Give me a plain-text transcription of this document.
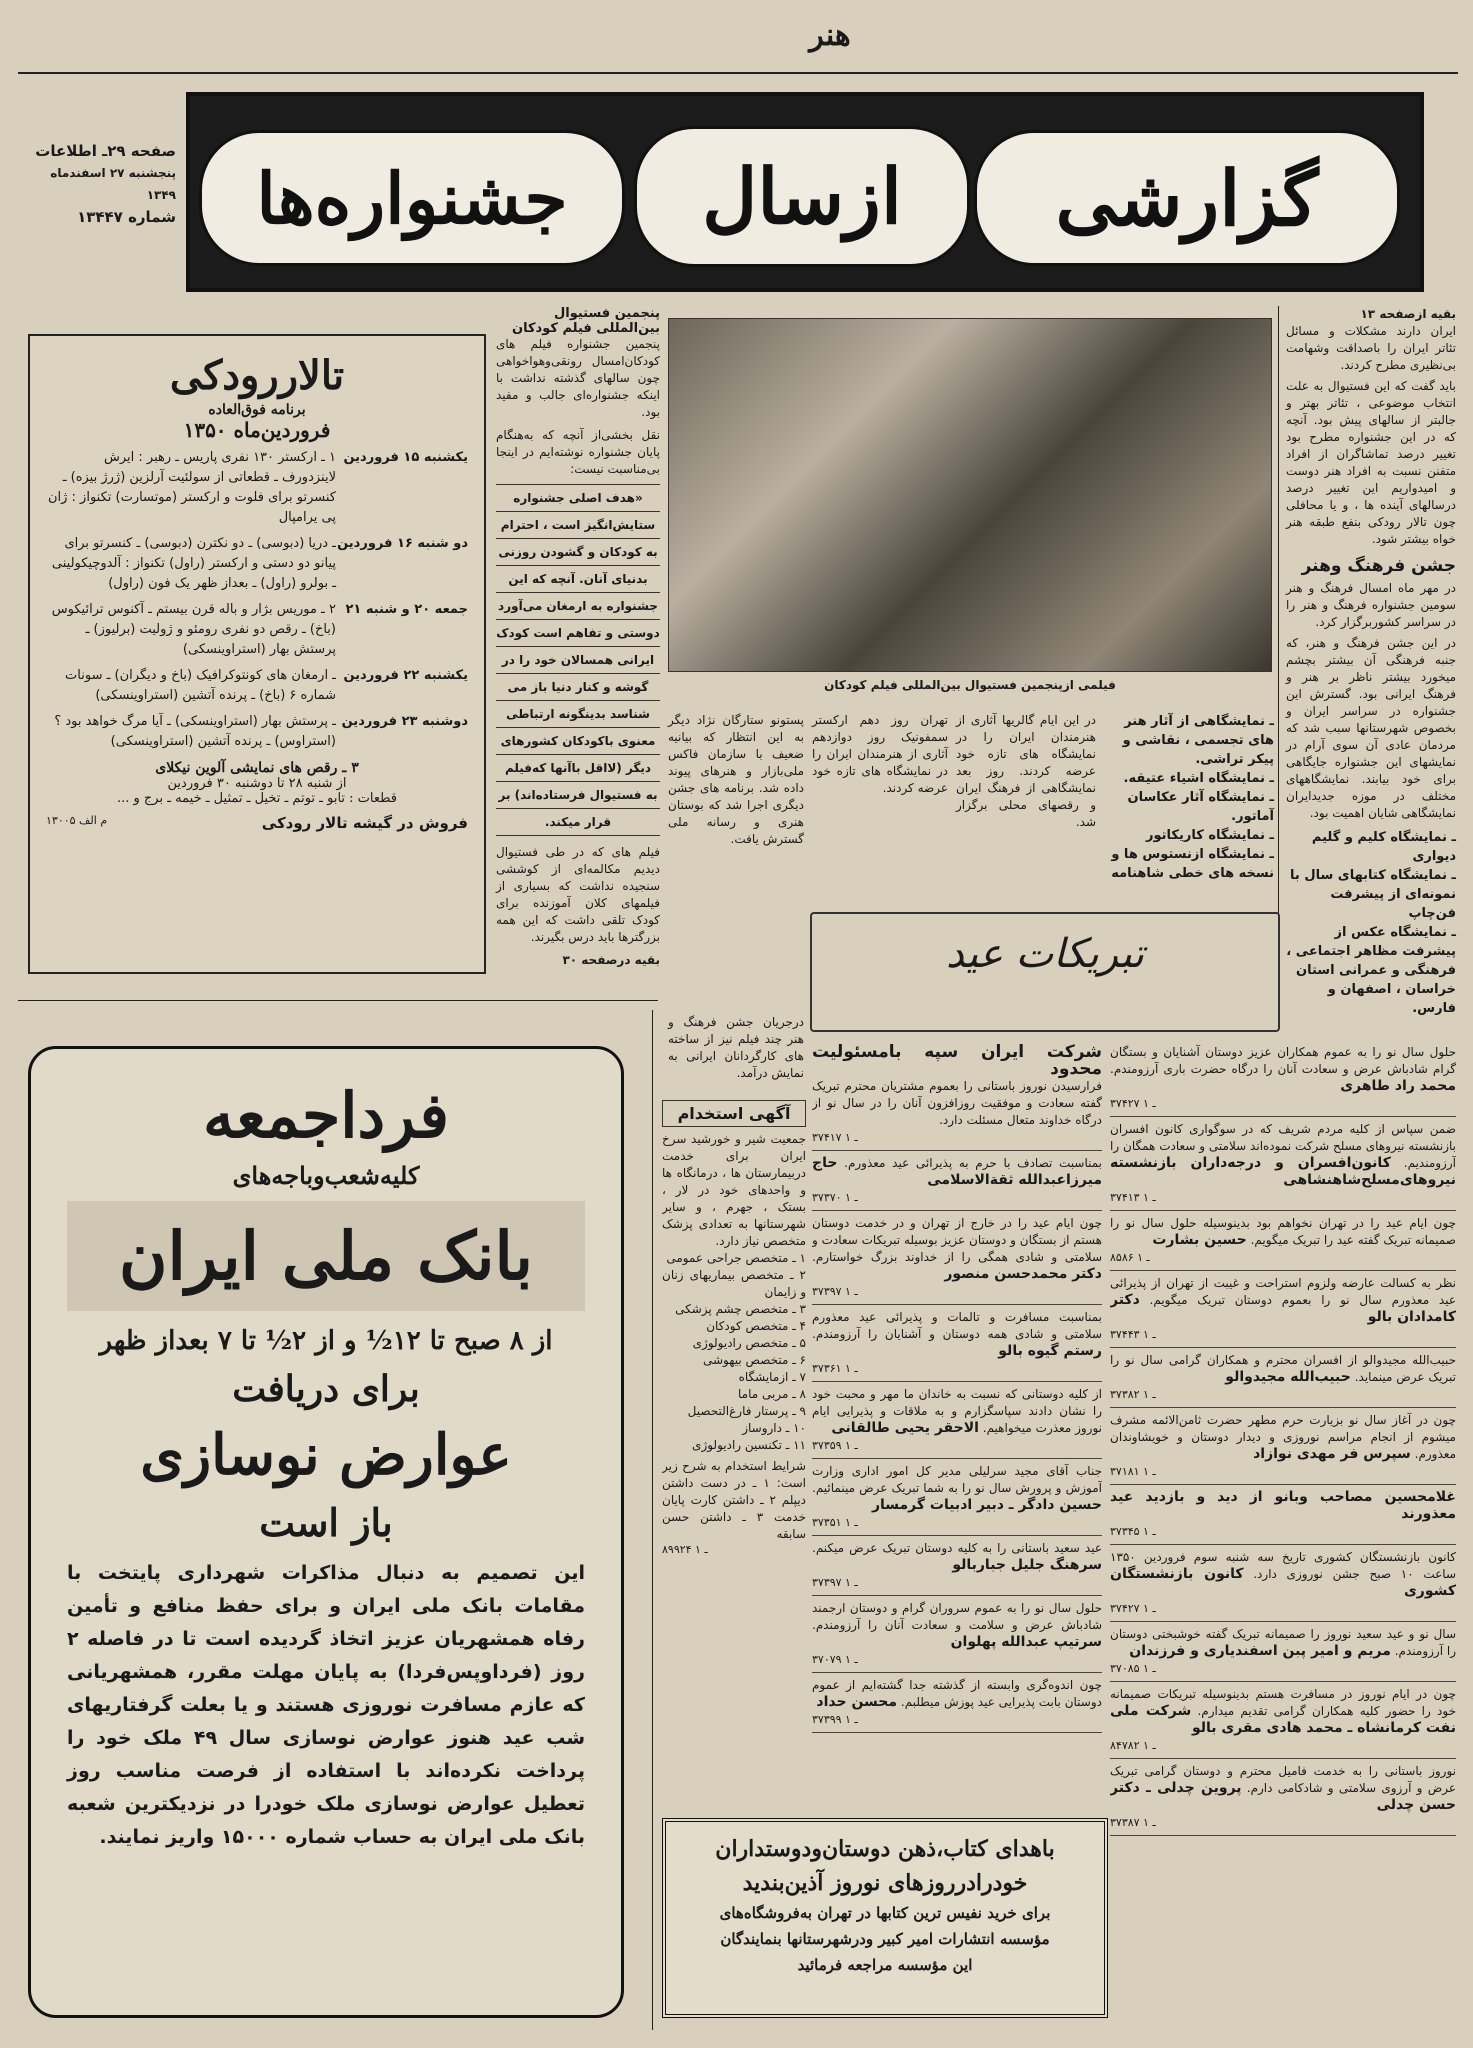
هنر
گزارشی
ازسال
جشنواره‌ها
صفحه ۲۹ـ اطلاعات
پنجشنبه ۲۷ اسفندماه ۱۳۴۹
شماره ۱۳۴۴۷
بقیه ازصفحه ۱۳
ایران دارند مشکلات و مسائل تئاتر ایران را باصداقت وشهامت بی‌نظیری مطرح کردند.
باید گفت که این فستیوال به علت انتخاب موضوعی ، تئاتر بهتر و جالبتر از سالهای پیش بود. آنچه که در این جشنواره مطرح بود تغییر درصد تماشاگران از افراد متفنن نسبت به افراد هنر دوست و امیدواریم این تغییر درصد درسالهای آینده ها ، و یا محافلی چون تالار رودکی بنفع طبقه هنر خواه بیشتر شود.
جشن فرهنگ وهنر
در مهر ماه امسال فرهنگ و هنر سومین جشنواره فرهنگ و هنر را در سراسر کشوربرگزار کرد.
در این جشن فرهنگ و هنر، که جنبه فرهنگی آن بیشتر بچشم میخورد بیشتر ناظر بر هنر و فرهنگ ایرانی بود. گسترش این جشنواره در سراسر ایران و بخصوص شهرستانها سبب شد که مردمان عادی آن سوی آرام در نمایشهای این جشنواره جایگاهی برای خود بیابند. نمایشگاههای مختلف در موزه جدیدایران نمایشگاهی شایان اهمیت بود.
ـ نمایشگاه کلیم و گلیم دیواری
ـ نمایشگاه کتابهای سال با نمونه‌ای از پیشرفت فن‌چاپ
ـ نمایشگاه عکس از پیشرفت مظاهر اجتماعی ، فرهنگی و عمرانی استان خراسان ، اصفهان و فارس.
فیلمی ازپنجمین فستیوال بین‌المللی فیلم کودکان
ـ نمایشگاهی از آثار هنر های تجسمی ، نقاشی و پیکر تراشی.
ـ نمایشگاه اشیاء عتیقه.
ـ نمایشگاه آثار عکاسان آماتور.
ـ نمایشگاه کاریکاتور
ـ نمایشگاه ازنستوس ها و نسخه های خطی شاهنامه
در این ایام گالریها آثاری از هنرمندان ایران را در نمایشگاه های تازه خود عرضه کردند. روز بعد نمایشگاهی از فرهنگ ایران و رقصهای محلی برگزار شد.
تهران روز دهم ارکستر سمفونیک روز دوازدهم آثاری از هنرمندان ایران را در نمایشگاه های تازه خود عرضه کردند.
پستونو ستارگان نژاد دیگر به این انتظار که بیانیه ضعیف با سازمان فاکس ملی‌بازار و هنرهای پیوند داده شد. برنامه های جشن دیگری اجرا شد که بوستان هنری و رسانه ملی گسترش یافت.
درجریان جشن فرهنگ و هنر چند فیلم نیز از ساخته های کارگردانان ایرانی به نمایش درآمد.
پنجمین فستیوال بین‌المللی فیلم کودکان
پنجمین جشنواره فیلم های کودکان‌امسال رونقی‌وهواخواهی چون سالهای گذشته نداشت با اینکه جشنواره‌ای جالب و مفید بود.
نقل بخشی‌از آنچه که به‌هنگام پایان جشنواره نوشته‌ایم در اینجا بی‌مناسبت نیست:
«هدف اصلی جشنواره
ستایش‌انگیز است ، احترام
به کودکان و گشودن روزنی
بدنیای آنان. آنچه که این
جشنواره به ارمغان می‌آورد
دوستی و تفاهم است کودک
ایرانی همسالان خود را در
گوشه و کنار دنیا باز می‌
شناسد بدینگونه ارتباطی
معنوی باکودکان کشورهای
دیگر (لااقل باآنها که‌فیلم
به فستیوال فرستاده‌اند) بر
قرار میکند.
فیلم های که در طی فستیوال دیدیم مکالمه‌ای از کوششی سنجیده نداشت که بسیاری از فیلمهای کلان آموزنده برای کودک تلقی داشت که این همه بزرگترها باید درس بگیرند.
بقیه درصفحه ۳۰
تالاررودکی
برنامه فوق‌العاده
فروردین‌ماه ۱۳۵۰
یکشنبه ۱۵ فروردین
۱ ـ ارکستر ۱۳۰ نفری پاریس ـ رهبر : ایرش لاینزدورف ـ قطعاتی از سولئیت آرلزین (ژرژ بیزه) ـ کنسرتو برای فلوت و ارکستر (موتسارت) تکنواز : ژان پی یرامپال
دو شنبه ۱۶ فروردین
ـ دریا (دبوسی) ـ دو نکترن (دبوسی) ـ کنسرتو برای پیانو دو دستی و ارکستر (راول) تکنواز : آلدوچیکولینی ـ بولرو (راول) ـ بعداز ظهر یک فون (راول)
جمعه ۲۰ و شنبه ۲۱
۲ ـ موریس بژار و باله قرن بیستم ـ آکنوس ترائیکوس (باخ) ـ رقص دو نفری رومئو و ژولیت (برلیوز) ـ پرستش بهار (استراوینسکی)
یکشنبه ۲۲ فروردین
ـ ارمغان های کونتوکرافیک (باخ و دیگران) ـ سونات شماره ۶ (باخ) ـ پرنده آتشین (استراوینسکی)
دوشنبه ۲۳ فروردین
ـ پرستش بهار (استراوینسکی) ـ آیا مرگ خواهد بود ؟ (استراوس) ـ پرنده آتشین (استراوینسکی)
۳ ـ رقص های نمایشی آلوین نیکلای
از شنبه ۲۸ تا دوشنبه ۳۰ فروردین
قطعات : تابو ـ توتم ـ تخیل ـ تمثیل ـ خیمه ـ برج و ...
فروش در گیشه تالار رودکی
م الف ۱۳۰۰۵
فرداجمعه
کلیه‌شعب‌وباجه‌های
بانک ملی ایران
از ۸ صبح تا ۱۲½ و از ۲½ تا ۷ بعداز ظهر
برای دریافت
عوارض نوسازی
باز است
این تصمیم به دنبال مذاکرات شهرداری پایتخت با مقامات بانک ملی ایران و برای حفظ منافع و تأمین رفاه همشهریان عزیز اتخاذ گردیده است تا در فاصله ۲ روز (فرداوپس‌فردا) به پایان مهلت مقرر، همشهریانی که عازم مسافرت نوروزی هستند و یا بعلت گرفتاریهای شب عید هنوز عوارض نوسازی سال ۴۹ ملک خود را پرداخت نکرده‌اند با استفاده از فرصت مناسب روز تعطیل عوارض نوسازی ملک خودرا در نزدیکترین شعبه بانک ملی ایران به حساب شماره ۱۵۰۰۰ واریز نمایند.
تبریکات عید
حلول سال نو را به عموم همکاران عزیز دوستان آشنایان و بستگان گرام شادباش عرض و سعادت آنان را درگاه حضرت باری آرزومندم. محمد راد طاهری
۳۷۴۲۷ ـ ۱
ضمن سپاس از کلیه مردم شریف که در سوگواری کانون افسران بازنشسته نیروهای مسلح شرکت نموده‌اند سلامتی و سعادت همگان را آرزومندیم. کانون‌افسران و درجه‌داران بازنشسته نیروهای‌مسلح‌شاهنشاهی
۳۷۴۱۳ ـ ۱
چون ایام عید را در تهران نخواهم بود بدینوسیله حلول سال نو را صمیمانه تبریک گفته عید را تبریک میگویم. حسین بشارت
۸۵۸۶ ـ ۱
نظر به کسالت عارضه ولزوم استراحت و غیبت از تهران از پذیرائی عید معذورم سال نو را بعموم دوستان تبریک میگویم. دکتر کامدادان بالو
۳۷۴۴۳ ـ ۱
حبیب‌الله مجیدوالو از افسران محترم و همکاران گرامی سال نو را تبریک عرض مینماید. حبیب‌الله مجیدوالو
۳۷۳۸۲ ـ ۱
چون در آغاز سال نو بزیارت حرم مطهر حضرت ثامن‌الائمه مشرف میشوم از انجام مراسم نوروزی و دیدار دوستان و خویشاوندان معذورم. سپرس فر مهدی نوازاد
۳۷۱۸۱ ـ ۱
غلامحسین مصاحب وبانو از دید و بازدید عید معذورند
۳۷۳۴۵ ـ ۱
کانون بازنشستگان کشوری تاریخ سه شنبه سوم فروردین ۱۳۵۰ ساعت ۱۰ صبح جشن نوروزی دارد. کانون بازنشستگان کشوری
۳۷۴۲۷ ـ ۱
سال نو و عید سعید نوروز را صمیمانه تبریک گفته خوشبختی دوستان را آرزومندم. مریم و امیر پبن اسفندیاری و فرزندان
۳۷۰۸۵ ـ ۱
چون در ایام نوروز در مسافرت هستم بدینوسیله تبریکات صمیمانه خود را حضور کلیه همکاران گرامی تقدیم میدارم. شرکت ملی نفت کرمانشاه ـ محمد هادی مقری بالو
۸۴۷۸۲ ـ ۱
نوروز باستانی را به خدمت فامیل محترم و دوستان گرامی تبریک عرض و آرزوی سلامتی و شادکامی دارم. پروین چدلی ـ دکتر حسن چدلی
۳۷۳۸۷ ـ ۱
شرکت ایران سپه بامسئولیت محدود
فرارسیدن نوروز باستانی را بعموم مشتریان محترم تبریک گفته سعادت و موفقیت روزافزون آنان را در سال نو از درگاه خداوند متعال مسئلت دارد.
۳۷۴۱۷ ـ ۱
بمناسبت تصادف با حرم به پذیرائی عید معذورم. حاج میرزاعبدالله ثقةالاسلامی
۳۷۳۷۰ ـ ۱
چون ایام عید را در خارج از تهران و در خدمت دوستان هستم از بستگان و دوستان عزیز بوسیله تبریکات سعادت و سلامتی و شادی همگی را از خداوند بزرگ خواستارم. دکتر محمدحسن منصور
۳۷۳۹۷ ـ ۱
بمناسبت مسافرت و تالمات و پذیرائی عید معذورم سلامتی و شادی همه دوستان و آشنایان را آرزومندم. رستم گیوه بالو
۳۷۳۶۱ ـ ۱
از کلیه دوستانی که نسبت به خاندان ما مهر و محبت خود را نشان دادند سپاسگزارم و به ملاقات و پذیرایی ایام نوروز معذرت میخواهیم. الاحقر یحیی طالقانی
۳۷۳۵۹ ـ ۱
جناب آقای مجید سرلیلی مدیر کل امور اداری وزارت آموزش و پرورش سال نو را به شما تبریک عرض مینمائیم. حسین دادگر ـ دبیر ادبیات گرمسار
۳۷۳۵۱ ـ ۱
عید سعید باستانی را به کلیه دوستان تبریک عرض میکنم. سرهنگ جلیل جباربالو
۳۷۳۹۷ ـ ۱
حلول سال نو را به عموم سروران گرام و دوستان ارجمند شادباش عرض و سلامت و سعادت آنان را آرزومندم. سرتیپ عبدالله پهلوان
۳۷۰۷۹ ـ ۱
چون اندوه‌گری وابسته از گذشته جدا گشته‌ایم از عموم دوستان بابت پذیرایی عید پوزش میطلبم. محسن حداد
۳۷۳۹۹ ـ ۱
آگهی استخدام
جمعیت شیر و خورشید سرخ ایران برای خدمت دربیمارستان ها ، درمانگاه ها و واحدهای خود در لار ، بستک ، جهرم ، و سایر شهرستانها به تعدادی پزشک متخصص نیاز دارد.
۱ ـ متخصص جراحی عمومی
۲ ـ متخصص بیماریهای زنان و زایمان
۳ ـ متخصص چشم پزشکی
۴ ـ متخصص کودکان
۵ ـ متخصص رادیولوژی
۶ ـ متخصص بیهوشی
۷ ـ ازمایشگاه
۸ ـ مربی ماما
۹ ـ پرستار فارغ‌التحصیل
۱۰ ـ داروساز
۱۱ ـ تکنسین رادیولوژی
شرایط استخدام به شرح زیر است: ۱ ـ در دست داشتن دیپلم ۲ ـ داشتن کارت پایان خدمت ۳ ـ داشتن حسن سابقه
۸۹۹۲۴ ـ ۱
باهدای کتاب،ذهن دوستان‌ودوستداران
خودرادرروزهای نوروز آذین‌بندید
برای خرید نفیس ترین کتابها در تهران به‌فروشگاه‌های
مؤسسه انتشارات امیر کبیر ودرشهرستانها بنمایندگان
این مؤسسه مراجعه فرمائید
